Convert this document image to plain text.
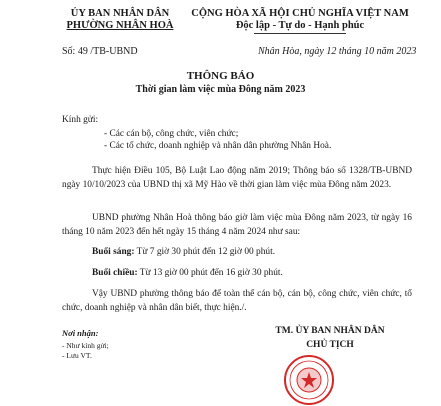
ỦY BAN NHÂN DÂN
PHƯỜNG NHÂN HOÀ
CỘNG HÒA XÃ HỘI CHỦ NGHĨA VIỆT NAM
Độc lập - Tự do - Hạnh phúc
Số: 49 /TB-UBND	Nhân Hòa, ngày 12 tháng 10 năm 2023
THÔNG BÁO
Thời gian làm việc mùa Đông năm 2023
Kính gửi:
- Các cán bộ, công chức, viên chức;
- Các tổ chức, doanh nghiệp và nhân dân phường Nhân Hoà.
Thực hiện Điều 105, Bộ Luật Lao động năm 2019; Thông báo số 1328/TB-UBND ngày 10/10/2023 của UBND thị xã Mỹ Hào về thời gian làm việc mùa Đông năm 2023.
UBND phường Nhân Hoà thông báo giờ làm việc mùa Đông năm 2023, từ ngày 16 tháng 10 năm 2023 đến hết ngày 15 tháng 4 năm 2024 như sau:
Buổi sáng: Từ 7 giờ 30 phút đến 12 giờ 00 phút.
Buổi chiều: Từ 13 giờ 00 phút đến 16 giờ 30 phút.
Vậy UBND phường thông báo để toàn thể cán bộ, cán bộ, công chức, viên chức, tổ chức, doanh nghiệp và nhân dân biết, thực hiện./.
Nơi nhận:
- Như kính gửi;
- Lưu VT.
TM. ỦY BAN NHÂN DÂN
CHỦ TỊCH
